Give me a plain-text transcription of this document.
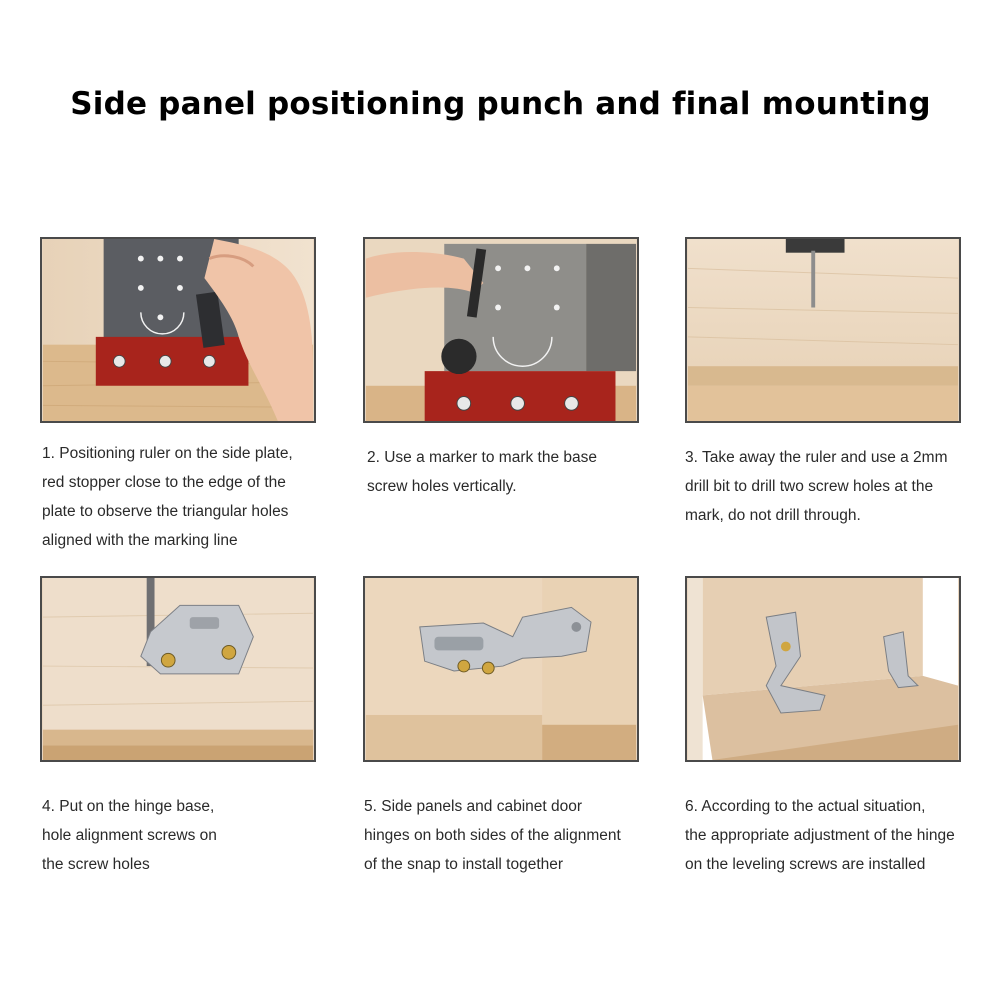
Side panel positioning punch and final mounting
1. Positioning ruler on the side plate,
red stopper close to the edge of the
plate to observe the triangular holes
aligned with the marking line
2. Use a marker to mark the base
screw holes vertically.
3. Take away the ruler and use a 2mm
drill bit to drill two screw holes at the
mark, do not drill through.
4. Put on the hinge base,
hole alignment screws on
the screw holes
5. Side panels and cabinet door
hinges on both sides of the alignment
of the snap to install together
6. According to the actual situation,
the appropriate adjustment of the hinge
on the leveling screws are installed
